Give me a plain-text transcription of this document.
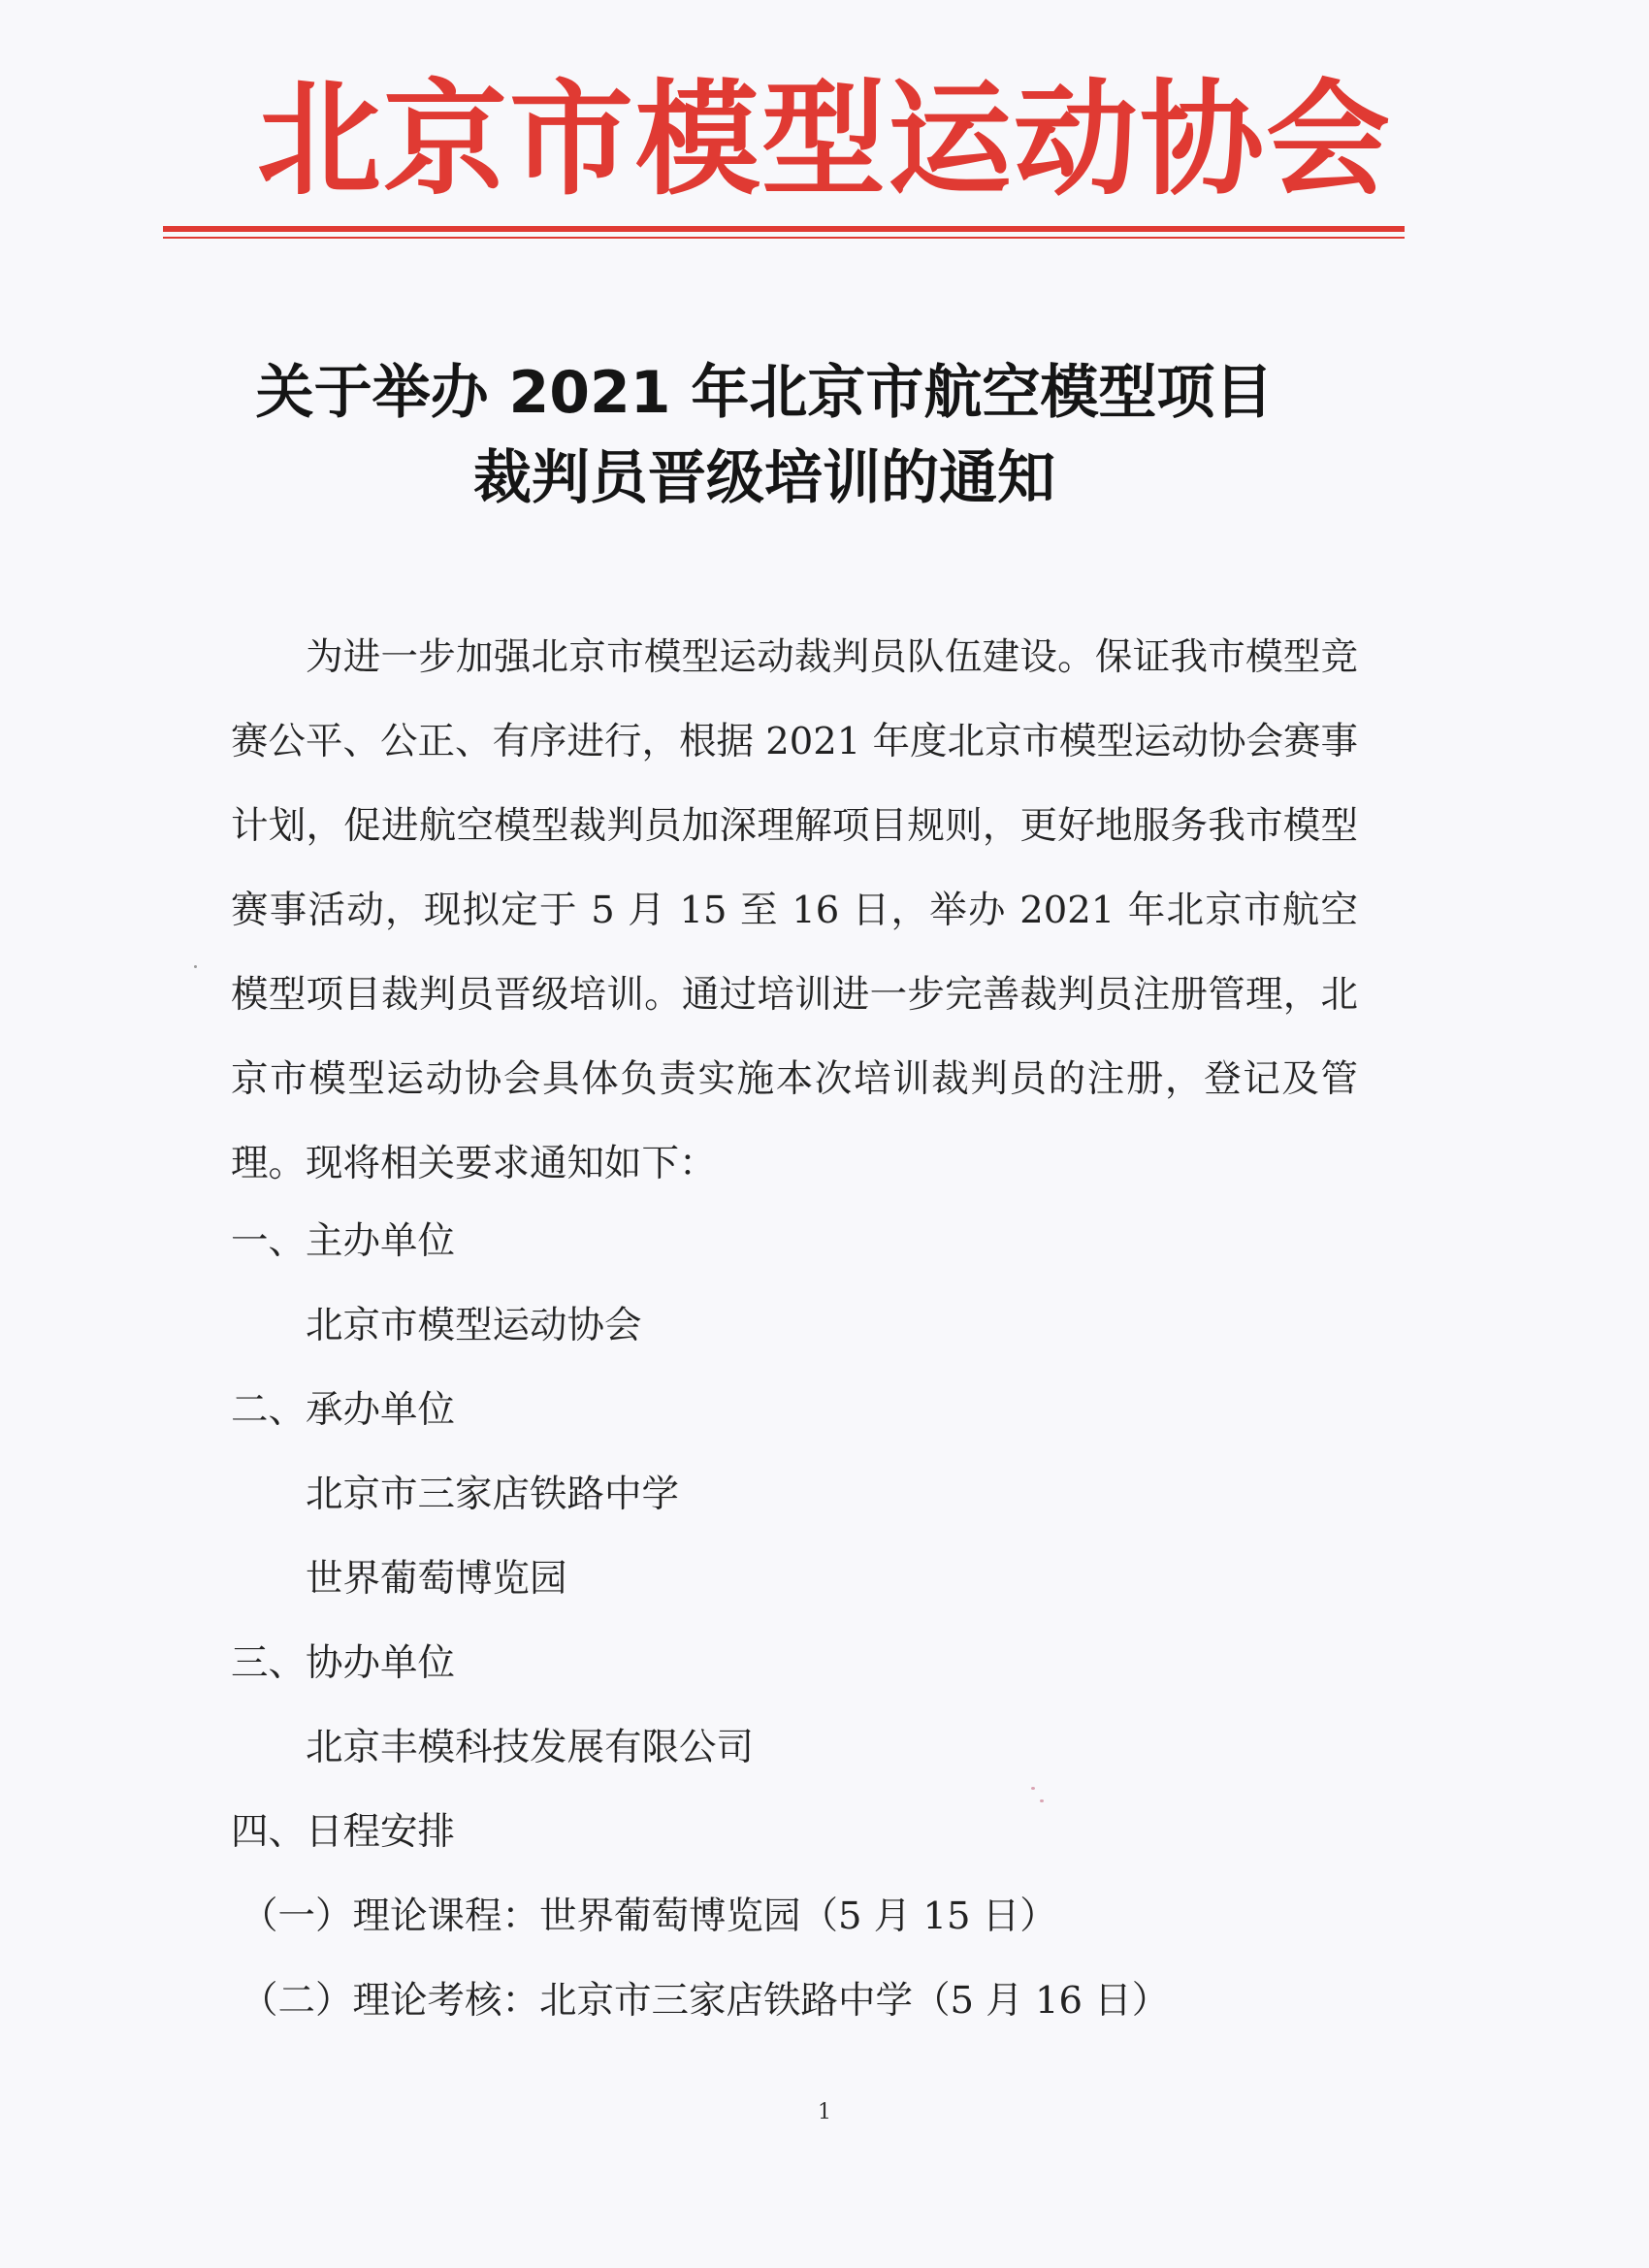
北京市模型运动协会
关于举办 2021 年北京市航空模型项目
裁判员晋级培训的通知

为进一步加强北京市模型运动裁判员队伍建设。保证我市模型竞赛公平、公正、有序进行，根据 2021 年度北京市模型运动协会赛事计划，促进航空模型裁判员加深理解项目规则，更好地服务我市模型赛事活动，现拟定于 5 月 15 至 16 日，举办 2021 年北京市航空模型项目裁判员晋级培训。通过培训进一步完善裁判员注册管理，北京市模型运动协会具体负责实施本次培训裁判员的注册，登记及管理。现将相关要求通知如下：

一、主办单位
北京市模型运动协会
二、承办单位
北京市三家店铁路中学
世界葡萄博览园
三、协办单位
北京丰模科技发展有限公司
四、日程安排
（一）理论课程：世界葡萄博览园（5 月 15 日）
（二）理论考核：北京市三家店铁路中学（5 月 16 日）
1
